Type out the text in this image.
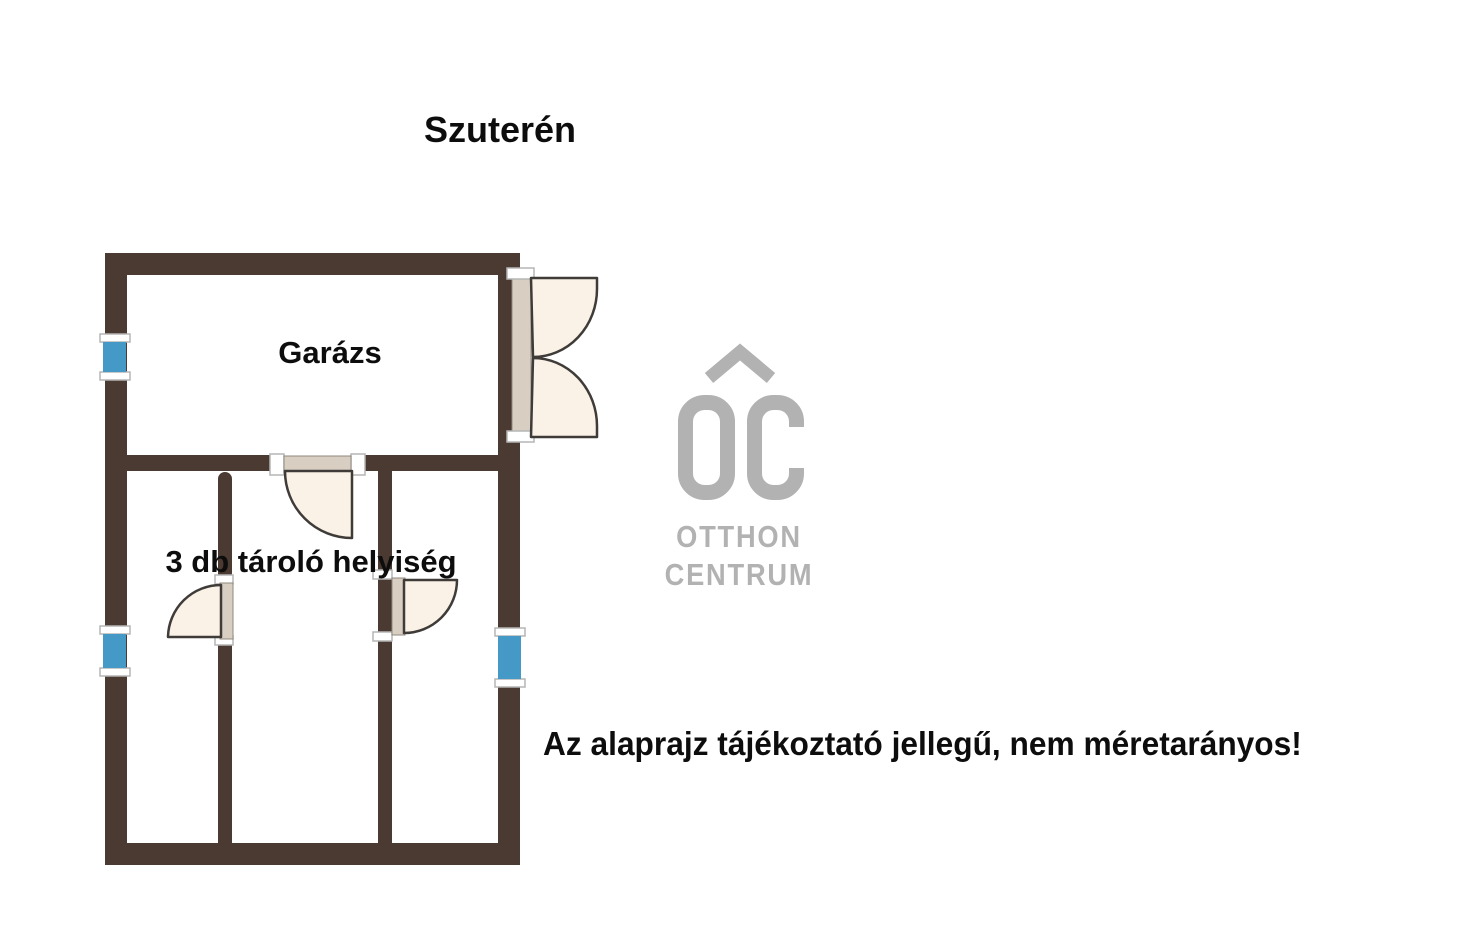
Szuterén
Garázs
3 db tároló helyiség
OTTHON
CENTRUM
Az alaprajz tájékoztató jellegű, nem méretarányos!
